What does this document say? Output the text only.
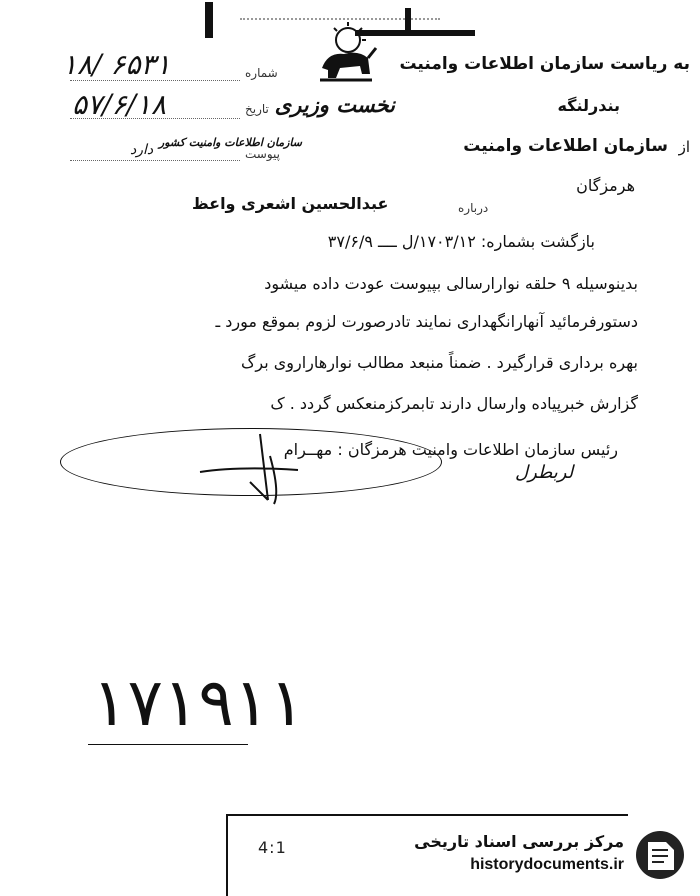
نخست وزیری
سازمان اطلاعات وامنیت کشور
به ریاست سازمان اطلاعات وامنیت
بندرلنگه
از
سازمان اطلاعات وامنیت
هرمزگان
شماره
۱۸/ ۶۵۳۱
تاریخ
۵۷/۶/۱۸
پیوست
دارد
درباره
عبدالحسین اشعری واعظ
بازگشت بشماره: ۱۷۰۳/۱۲/ل ــــ ۳۷/۶/۹
بدینوسیله ۹ حلقه نوارارسالی بپیوست عودت داده میشود
دستورفرمائید آنهارانگهداری نمایند تادرصورت لزوم بموقع مورد ـ
بهره برداری قرارگیرد . ضمناً منبعد مطالب نوارهاراروی برگ
گزارش خبرپیاده وارسال دارند تابمرکزمنعکس گردد . ک
رئیس سازمان اطلاعات وامنیت هرمزگان : مهــرام
لربطرل
۱۷۱۹۱۱
4:1	مرکز بررسی اسناد تاریخی
historydocuments.ir
